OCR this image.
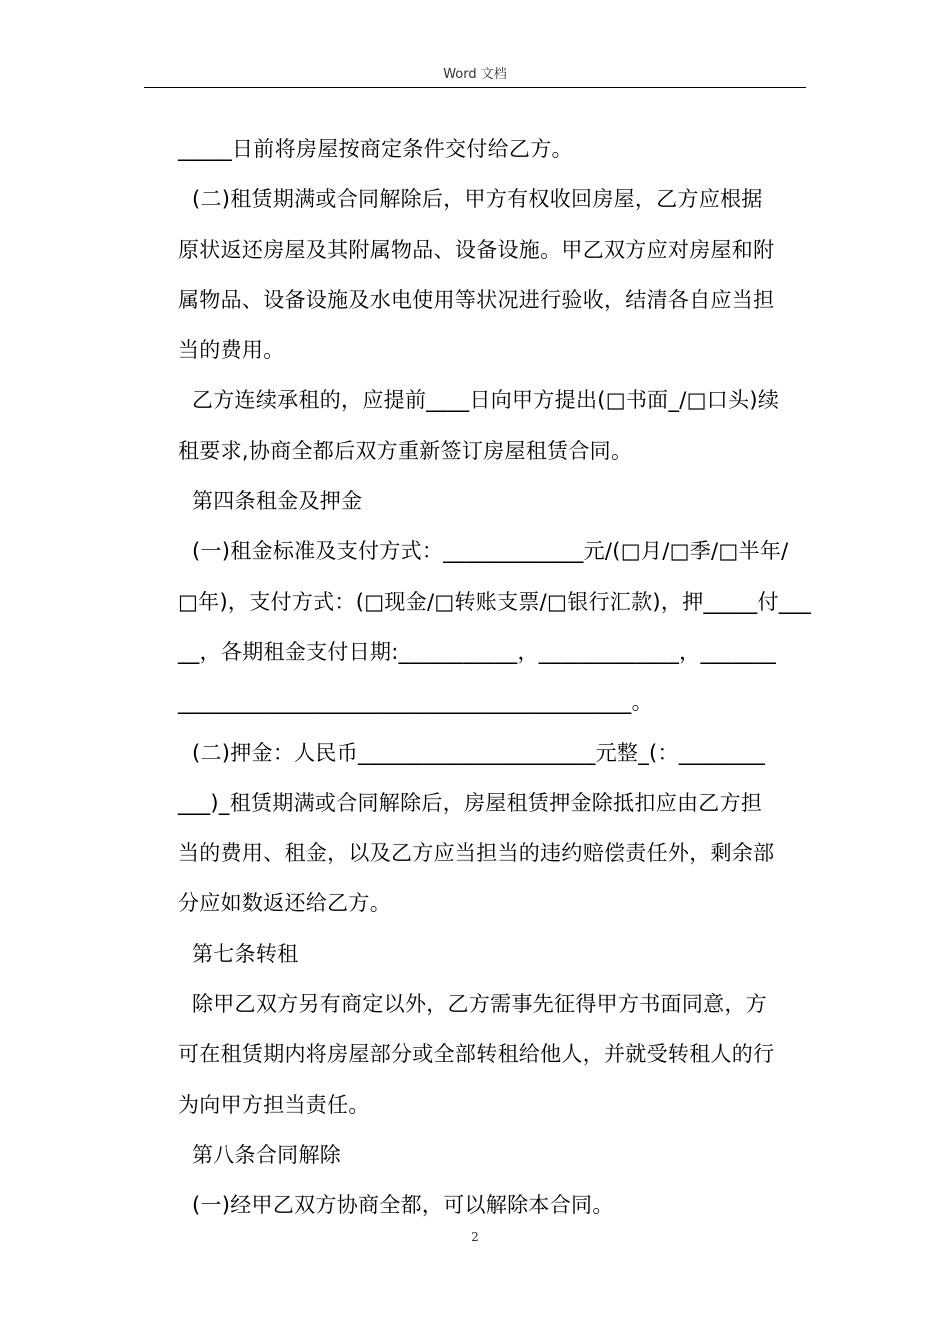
Word 文档

_____日前将房屋按商定条件交付给乙方。

(二)租赁期满或合同解除后，甲方有权收回房屋，乙方应根据

原状返还房屋及其附属物品、设备设施。甲乙双方应对房屋和附

属物品、设备设施及水电使用等状况进行验收，结清各自应当担

当的费用。

乙方连续承租的，应提前____日向甲方提出(□书面_/□口头)续

租要求,协商全都后双方重新签订房屋租赁合同。

第四条租金及押金

(一)租金标准及支付方式：_____________元/(□月/□季/□半年/

□年)，支付方式：(□现金/□转账支票/□银行汇款)，押_____付___

__，各期租金支付日期:___________，_____________，_______

__________________________________________。

(二)押金：人民币______________________元整_(：________

___)_租赁期满或合同解除后，房屋租赁押金除抵扣应由乙方担

当的费用、租金，以及乙方应当担当的违约赔偿责任外，剩余部

分应如数返还给乙方。

第七条转租

除甲乙双方另有商定以外，乙方需事先征得甲方书面同意，方

可在租赁期内将房屋部分或全部转租给他人，并就受转租人的行

为向甲方担当责任。

第八条合同解除

(一)经甲乙双方协商全都，可以解除本合同。

2
